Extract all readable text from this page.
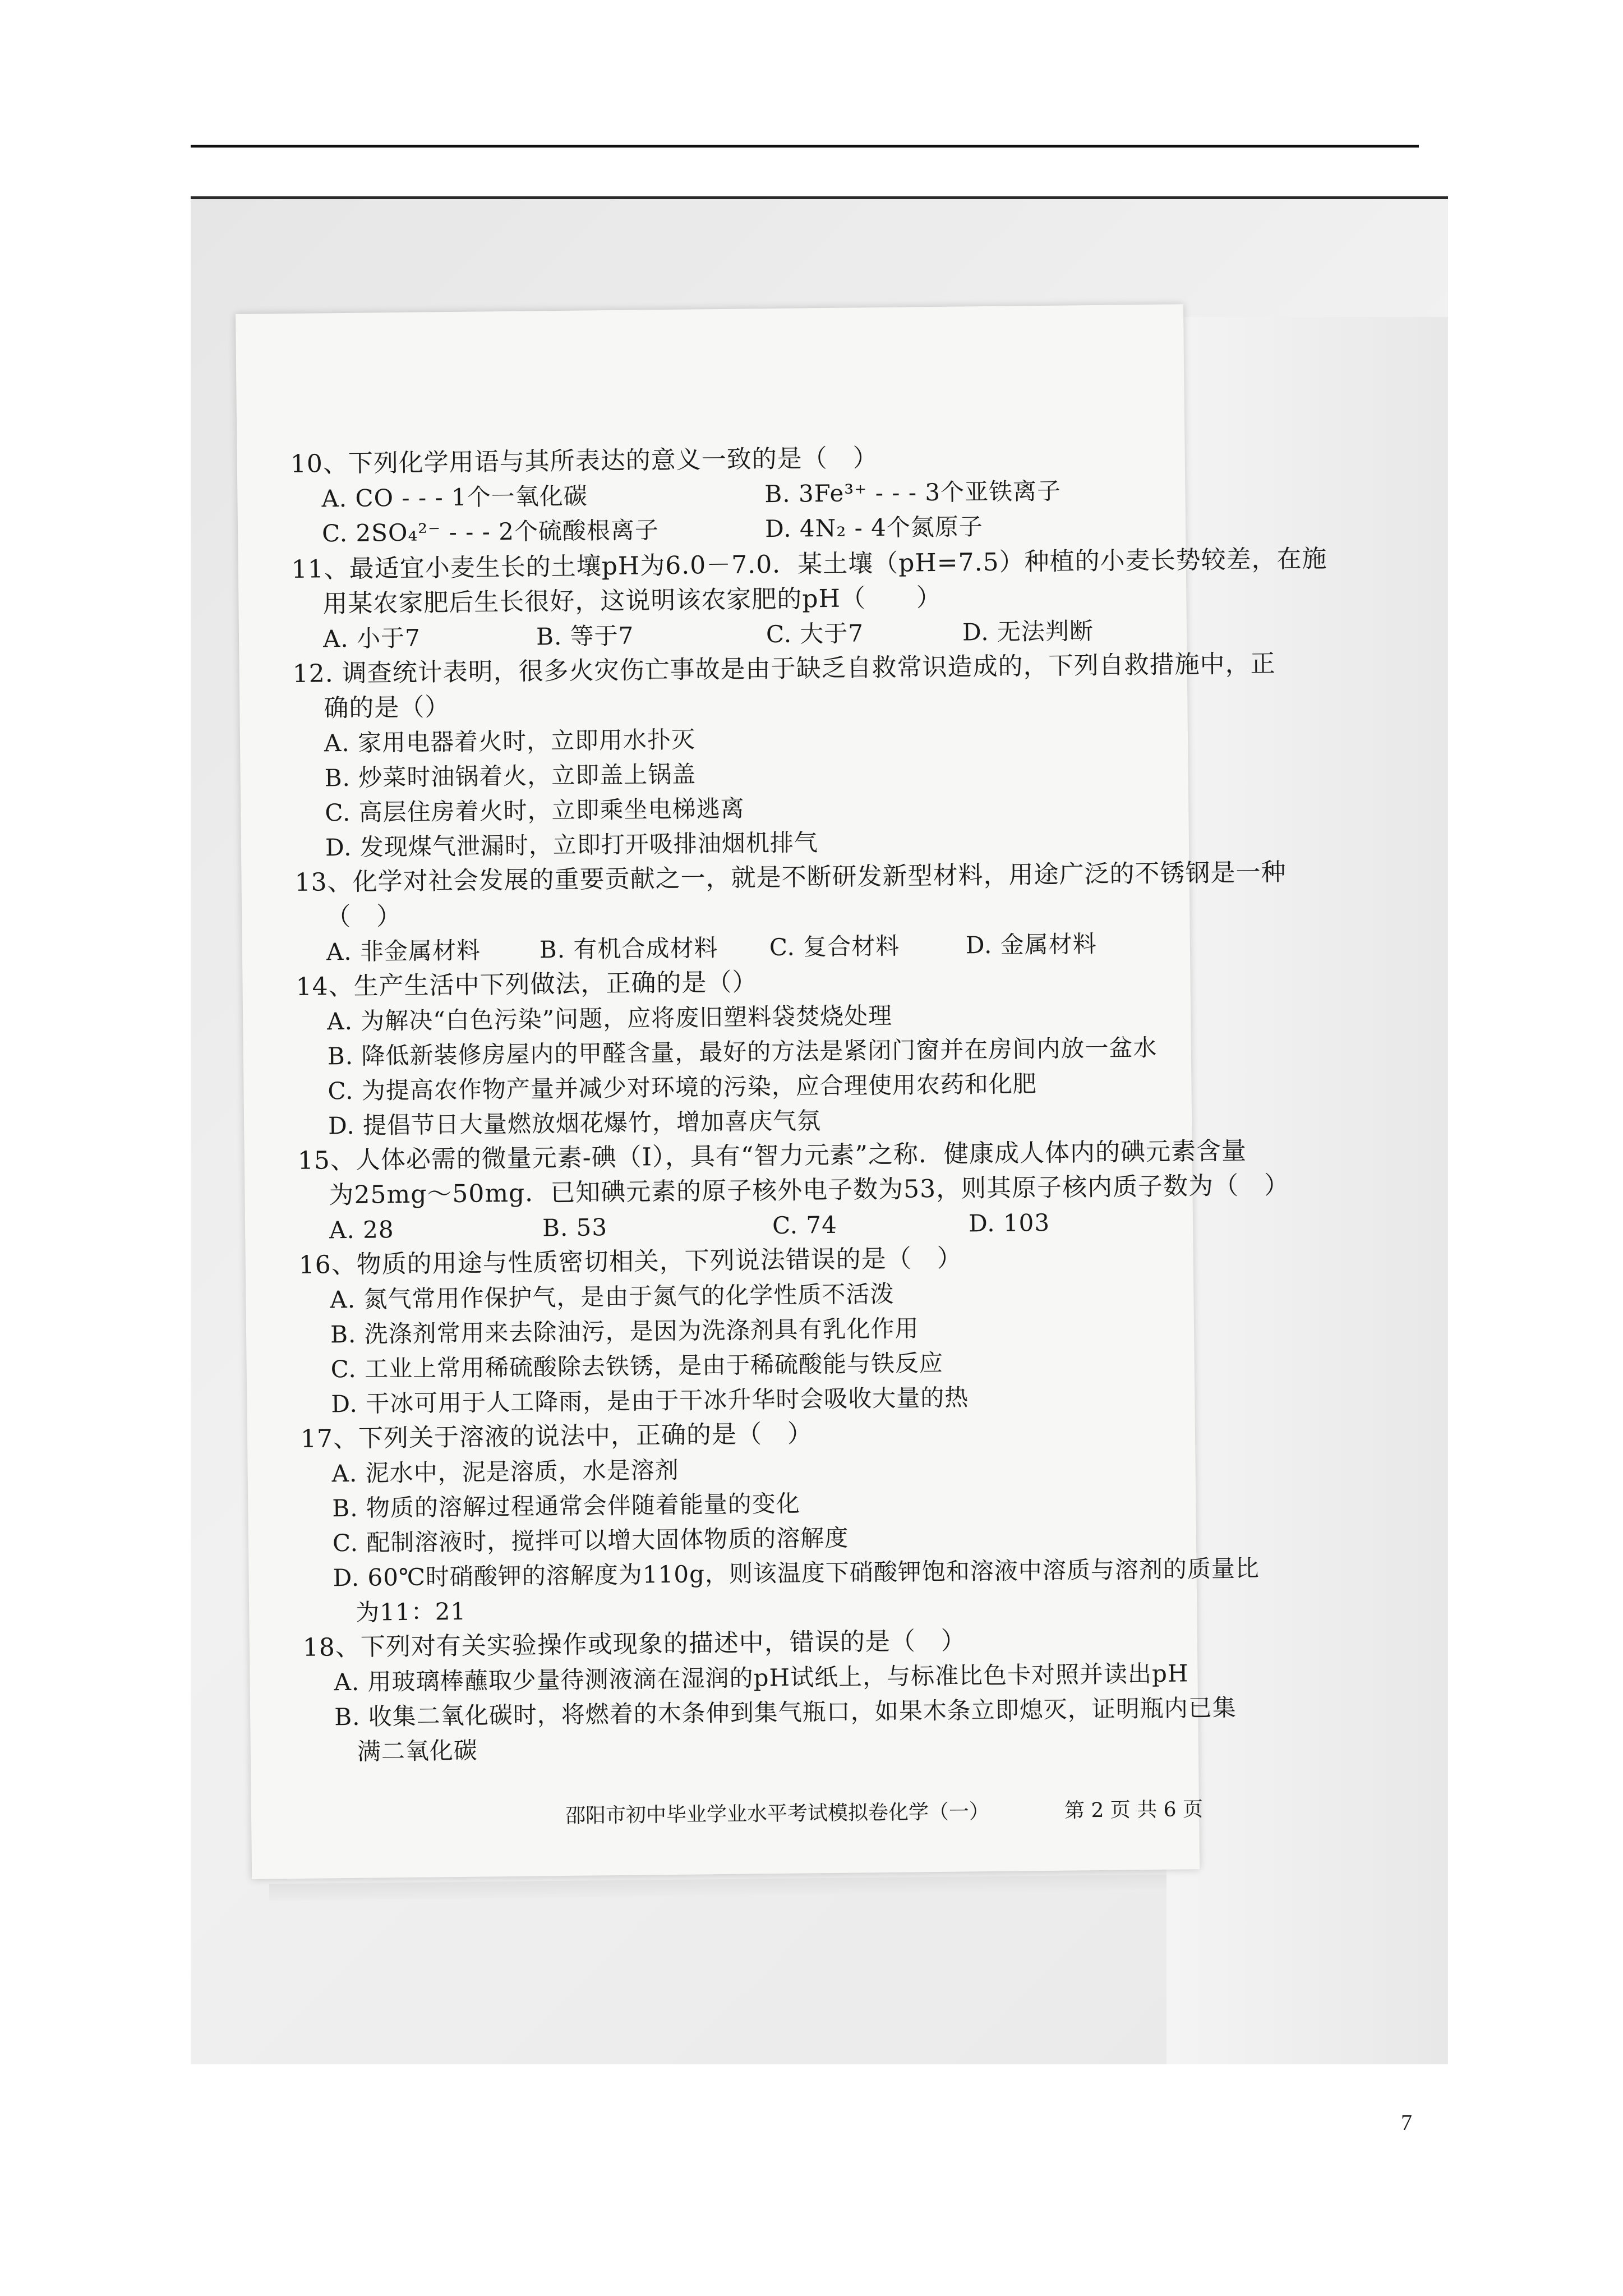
10、下列化学用语与其所表达的意义一致的是（　）
A. CO - - - 1个一氧化碳	B. 3Fe³⁺ - - - 3个亚铁离子
C. 2SO₄²⁻ - - - 2个硫酸根离子	D. 4N₂ - 4个氮原子
11、最适宜小麦生长的土壤pH为6.0－7.0．某土壤（pH=7.5）种植的小麦长势较差，在施
用某农家肥后生长很好，这说明该农家肥的pH（　　）
A. 小于7	B. 等于7	C. 大于7	D. 无法判断
12. 调查统计表明，很多火灾伤亡事故是由于缺乏自救常识造成的，下列自救措施中，正
确的是（）
A. 家用电器着火时，立即用水扑灭
B. 炒菜时油锅着火，立即盖上锅盖
C. 高层住房着火时，立即乘坐电梯逃离
D. 发现煤气泄漏时，立即打开吸排油烟机排气
13、化学对社会发展的重要贡献之一，就是不断研发新型材料，用途广泛的不锈钢是一种
（　）
A. 非金属材料 B. 有机合成材料 C. 复合材料	D. 金属材料
14、生产生活中下列做法，正确的是（）
A. 为解决“白色污染”问题，应将废旧塑料袋焚烧处理
B. 降低新装修房屋内的甲醛含量，最好的方法是紧闭门窗并在房间内放一盆水
C. 为提高农作物产量并减少对环境的污染，应合理使用农药和化肥
D. 提倡节日大量燃放烟花爆竹，增加喜庆气氛
15、人体必需的微量元素-碘（I），具有“智力元素”之称．健康成人体内的碘元素含量
为25mg～50mg．已知碘元素的原子核外电子数为53，则其原子核内质子数为（　）
A. 28	B. 53	C. 74	D. 103
16、物质的用途与性质密切相关，下列说法错误的是（　）
A. 氮气常用作保护气，是由于氮气的化学性质不活泼
B. 洗涤剂常用来去除油污，是因为洗涤剂具有乳化作用
C. 工业上常用稀硫酸除去铁锈，是由于稀硫酸能与铁反应
D. 干冰可用于人工降雨，是由于干冰升华时会吸收大量的热
17、下列关于溶液的说法中，正确的是（　）
A. 泥水中，泥是溶质，水是溶剂
B. 物质的溶解过程通常会伴随着能量的变化
C. 配制溶液时，搅拌可以增大固体物质的溶解度
D. 60℃时硝酸钾的溶解度为110g，则该温度下硝酸钾饱和溶液中溶质与溶剂的质量比
为11：21
18、下列对有关实验操作或现象的描述中，错误的是（　）
A. 用玻璃棒蘸取少量待测液滴在湿润的pH试纸上，与标准比色卡对照并读出pH
B. 收集二氧化碳时，将燃着的木条伸到集气瓶口，如果木条立即熄灭，证明瓶内已集
满二氧化碳
邵阳市初中毕业学业水平考试模拟卷化学（一）	第 2 页 共 6 页
7
